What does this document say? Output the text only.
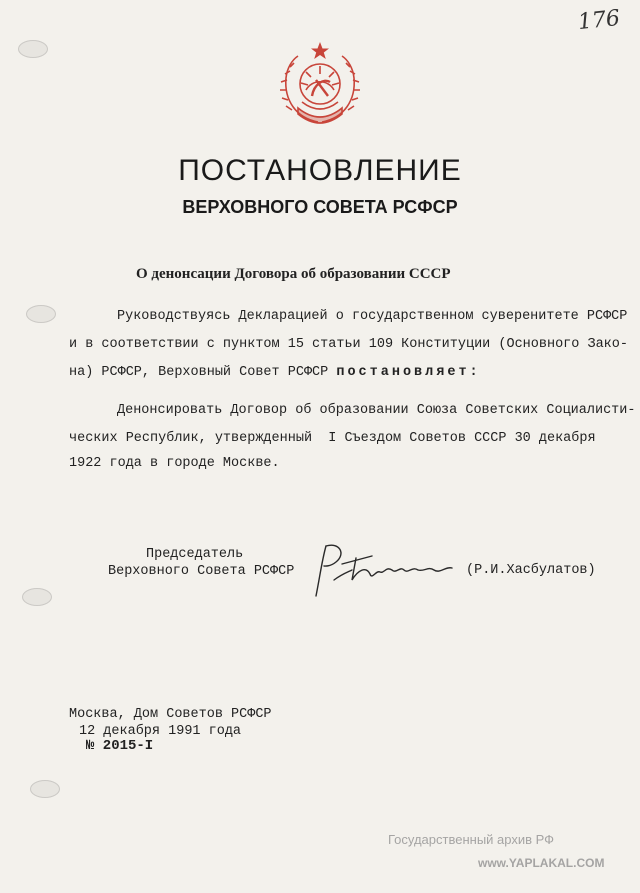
176
ПОСТАНОВЛЕНИЕ
ВЕРХОВНОГО СОВЕТА РСФСР
О денонсации Договора об образовании СССР
Руководствуясь Декларацией о государственном суверенитете РСФСР
и в соответствии с пунктом 15 статьи 109 Конституции (Основного Зако-
на) РСФСР, Верховный Совет РСФСР постановляет:
Денонсировать Договор об образовании Союза Советских Социалисти-
ческих Республик, утвержденный  I Съездом Советов СССР 30 декабря
1922 года в городе Москве.
Председатель
Верховного Совета РСФСР	(Р.И.Хасбулатов)
Москва, Дом Советов РСФСР
12 декабря 1991 года
№ 2015-I
Государственный архив РФ
www.YAPLAKAL.COM
